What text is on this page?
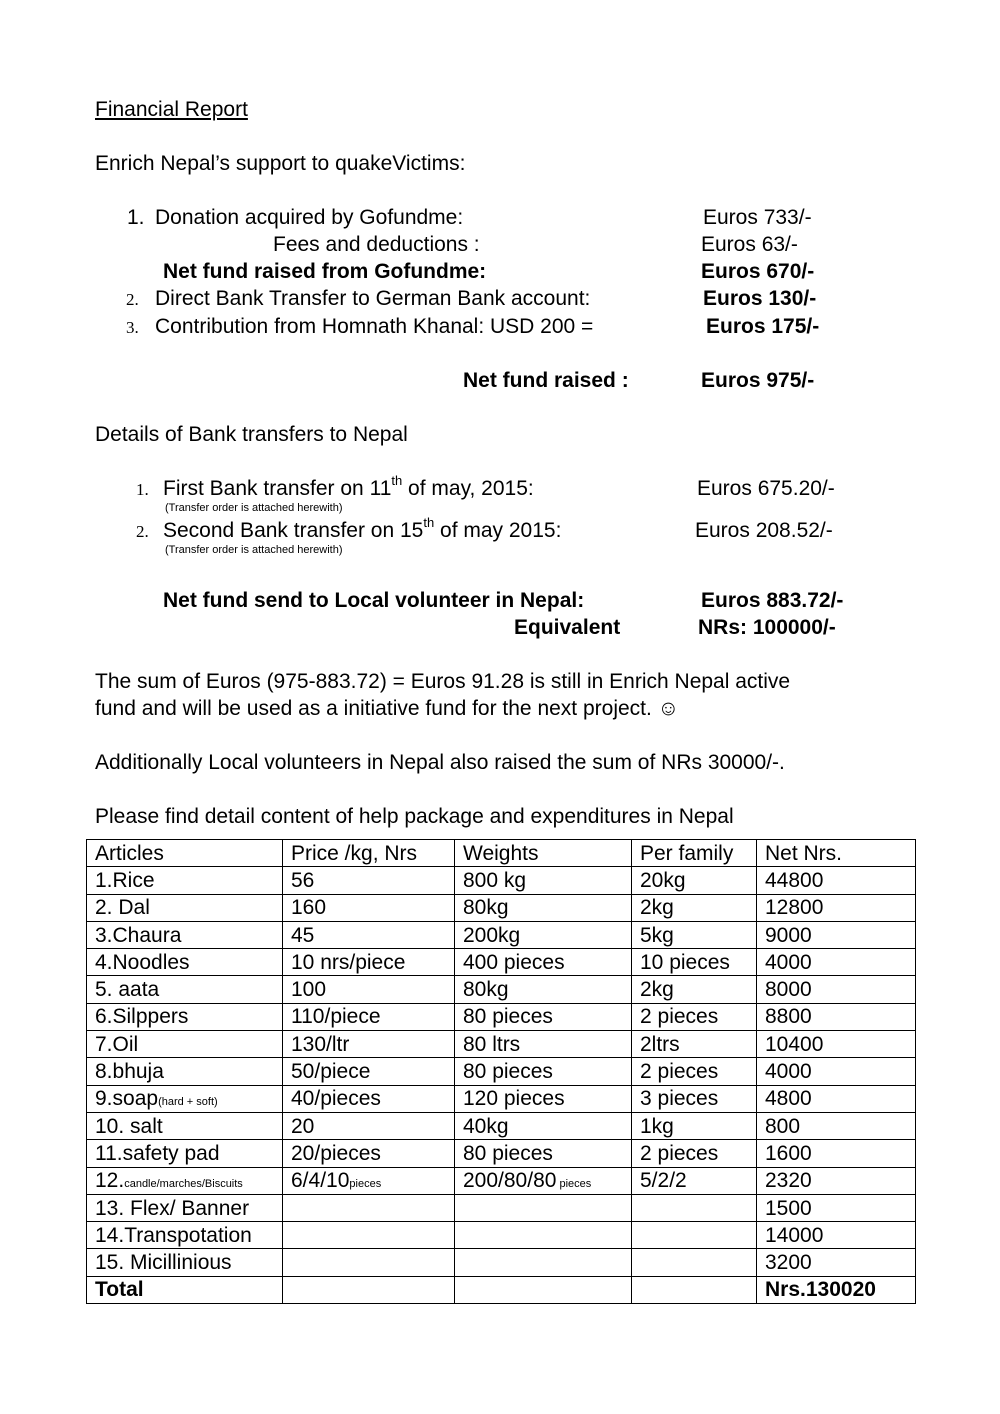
Financial Report
Enrich Nepal’s support to quakeVictims:
1. Donation acquired by Gofundme:	Euros 733/-
Fees and deductions :	Euros 63/-
Net fund raised from Gofundme:	Euros 670/-
2. Direct Bank Transfer to German Bank account:	Euros 130/-
3. Contribution from Homnath Khanal: USD 200 =	Euros 175/-
Net fund raised :	Euros 975/-
Details of Bank transfers to Nepal
1. First Bank transfer on 11th of may, 2015:	Euros 675.20/-
(Transfer order is attached herewith)
2. Second Bank transfer on 15th of may 2015:	Euros 208.52/-
(Transfer order is attached herewith)
Net fund send to Local volunteer in Nepal:	Euros 883.72/-
Equivalent	NRs: 100000/-
The sum of Euros (975-883.72) = Euros 91.28 is still in Enrich Nepal active
fund and will be used as a initiative fund for the next project. ☺
Additionally Local volunteers in Nepal also raised the sum of NRs 30000/-.
Please find detail content of help package and expenditures in Nepal
Articles	Price /kg, Nrs	Weights	Per family	Net Nrs.
1.Rice	56	800 kg	20kg	44800
2. Dal	160	80kg	2kg	12800
3.Chaura	45	200kg	5kg	9000
4.Noodles	10 nrs/piece	400 pieces	10 pieces	4000
5. aata	100	80kg	2kg	8000
6.Silppers	110/piece	80 pieces	2 pieces	8800
7.Oil	130/ltr	80 ltrs	2ltrs	10400
8.bhuja	50/piece	80 pieces	2 pieces	4000
9.soap(hard + soft)	40/pieces	120 pieces	3 pieces	4800
10. salt	20	40kg	1kg	800
11.safety pad	20/pieces	80 pieces	2 pieces	1600
12.candle/marches/Biscuits	6/4/10pieces	200/80/80 pieces	5/2/2	2320
13. Flex/ Banner				1500
14.Transpotation				14000
15. Micillinious				3200
Total				Nrs.130020
